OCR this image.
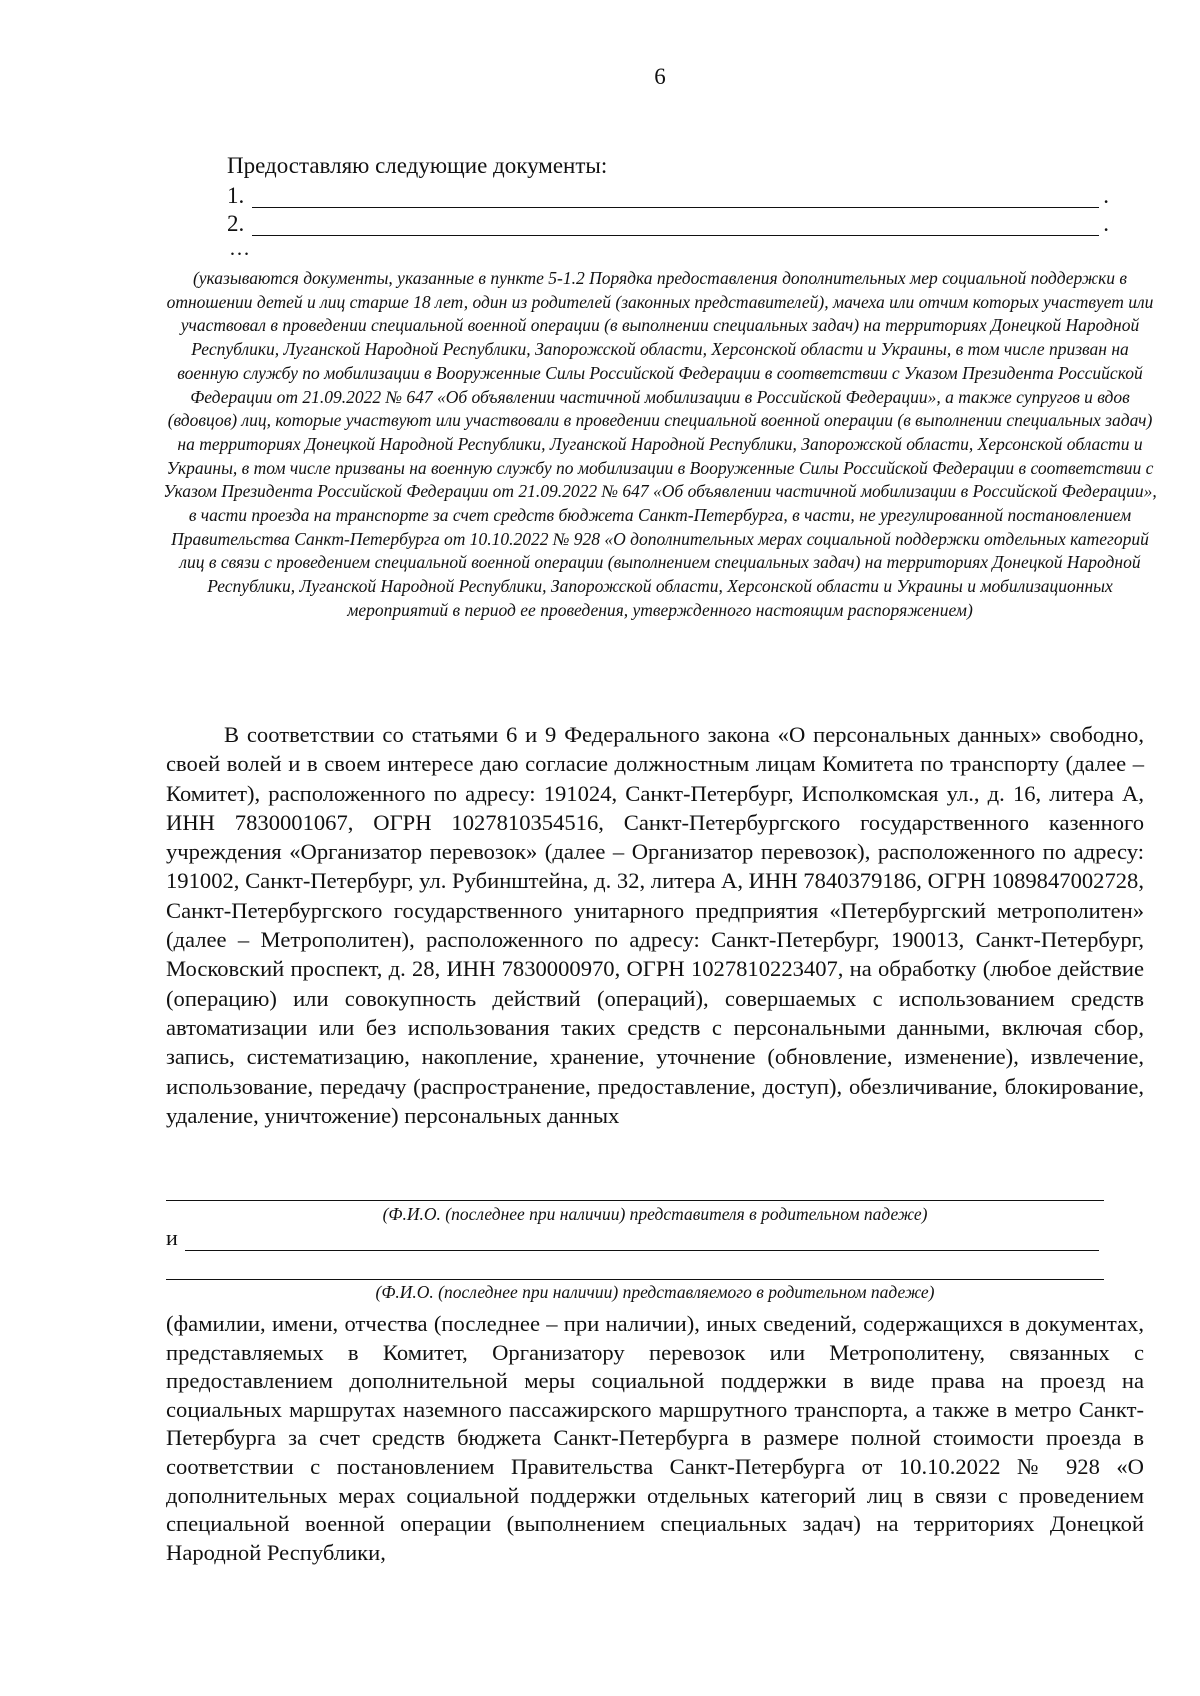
6

Предоставляю следующие документы:

1.	.
2.	.

…

(указываются документы, указанные в пункте 5-1.2 Порядка предоставления дополнительных мер социальной поддержки в отношении детей и лиц старше 18 лет, один из родителей (законных представителей), мачеха или отчим которых участвует или участвовал в проведении специальной военной операции (в выполнении специальных задач) на территориях Донецкой Народной Республики, Луганской Народной Республики, Запорожской области, Херсонской области и Украины, в том числе призван на военную службу по мобилизации в Вооруженные Силы Российской Федерации в соответствии с Указом Президента Российской Федерации от 21.09.2022 № 647 «Об объявлении частичной мобилизации в Российской Федерации», а также супругов и вдов (вдовцов) лиц, которые участвуют или участвовали в проведении специальной военной операции (в выполнении специальных задач) на территориях Донецкой Народной Республики, Луганской Народной Республики, Запорожской области, Херсонской области и Украины, в том числе призваны на военную службу по мобилизации в Вооруженные Силы Российской Федерации в соответствии с Указом Президента Российской Федерации от 21.09.2022 № 647 «Об объявлении частичной мобилизации в Российской Федерации», в части проезда на транспорте за счет средств бюджета Санкт-Петербурга, в части, не урегулированной постановлением Правительства Санкт-Петербурга от 10.10.2022 № 928 «О дополнительных мерах социальной поддержки отдельных категорий лиц в связи с проведением специальной военной операции (выполнением специальных задач) на территориях Донецкой Народной Республики, Луганской Народной Республики, Запорожской области, Херсонской области и Украины и мобилизационных мероприятий в период ее проведения, утвержденного настоящим распоряжением)

В соответствии со статьями 6 и 9 Федерального закона «О персональных данных» свободно, своей волей и в своем интересе даю согласие должностным лицам Комитета по транспорту (далее – Комитет), расположенного по адресу: 191024, Санкт-Петербург, Исполкомская ул., д. 16, литера А, ИНН 7830001067, ОГРН 1027810354516, Санкт-Петербургского государственного казенного учреждения «Организатор перевозок» (далее – Организатор перевозок), расположенного по адресу: 191002, Санкт-Петербург, ул. Рубинштейна, д. 32, литера А, ИНН 7840379186, ОГРН 1089847002728, Санкт-Петербургского государственного унитарного предприятия «Петербургский метрополитен» (далее – Метрополитен), расположенного по адресу: Санкт-Петербург, 190013, Санкт-Петербург, Московский проспект, д. 28, ИНН 7830000970, ОГРН 1027810223407, на обработку (любое действие (операцию) или совокупность действий (операций), совершаемых с использованием средств автоматизации или без использования таких средств с персональными данными, включая сбор, запись, систематизацию, накопление, хранение, уточнение (обновление, изменение), извлечение, использование, передачу (распространение, предоставление, доступ), обезличивание, блокирование, удаление, уничтожение) персональных данных

(Ф.И.О. (последнее при наличии) представителя в родительном падеже)

и

(Ф.И.О. (последнее при наличии) представляемого в родительном падеже)

(фамилии, имени, отчества (последнее – при наличии), иных сведений, содержащихся в документах, представляемых в Комитет, Организатору перевозок или Метрополитену, связанных с предоставлением дополнительной меры социальной поддержки в виде права на проезд на социальных маршрутах наземного пассажирского маршрутного транспорта, а также в метро Санкт-Петербурга за счет средств бюджета Санкт-Петербурга в размере полной стоимости проезда в соответствии с постановлением Правительства Санкт-Петербурга от 10.10.2022 № 928 «О дополнительных мерах социальной поддержки отдельных категорий лиц в связи с проведением специальной военной операции (выполнением специальных задач) на территориях Донецкой Народной Республики,
